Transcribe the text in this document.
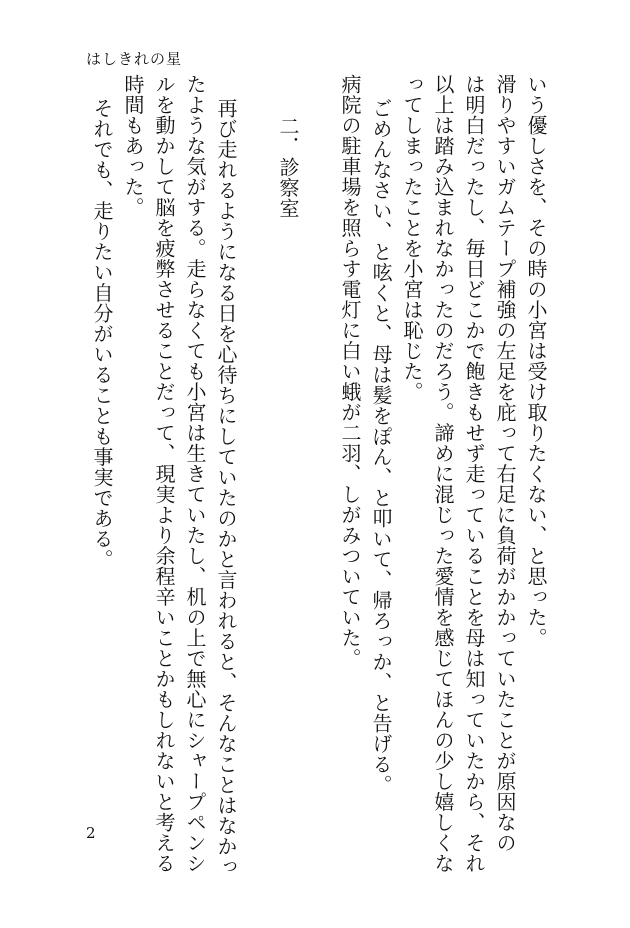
はしきれの星
いう優しさを、その時の小宮は受け取りたくない、と思った。
滑りやすいガムテープ補強の左足を庇って右足に負荷がかかっていたことが原因なの
は明白だったし、毎日どこかで飽きもせず走っていることを母は知っていたから、それ
以上は踏み込まれなかったのだろう。諦めに混じった愛情を感じてほんの少し嬉しくな
ってしまったことを小宮は恥じた。
ごめんなさい、と呟くと、母は髪をぽん、と叩いて、帰ろっか、と告げる。
病院の駐車場を照らす電灯に白い蛾が二羽、しがみついていた。
二．診察室
再び走れるようになる日を心待ちにしていたのかと言われると、そんなことはなかっ
たような気がする。走らなくても小宮は生きていたし、机の上で無心にシャープペンシ
ルを動かして脳を疲弊させることだって、現実より余程辛いことかもしれないと考える
時間もあった。
それでも、走りたい自分がいることも事実である。
2
